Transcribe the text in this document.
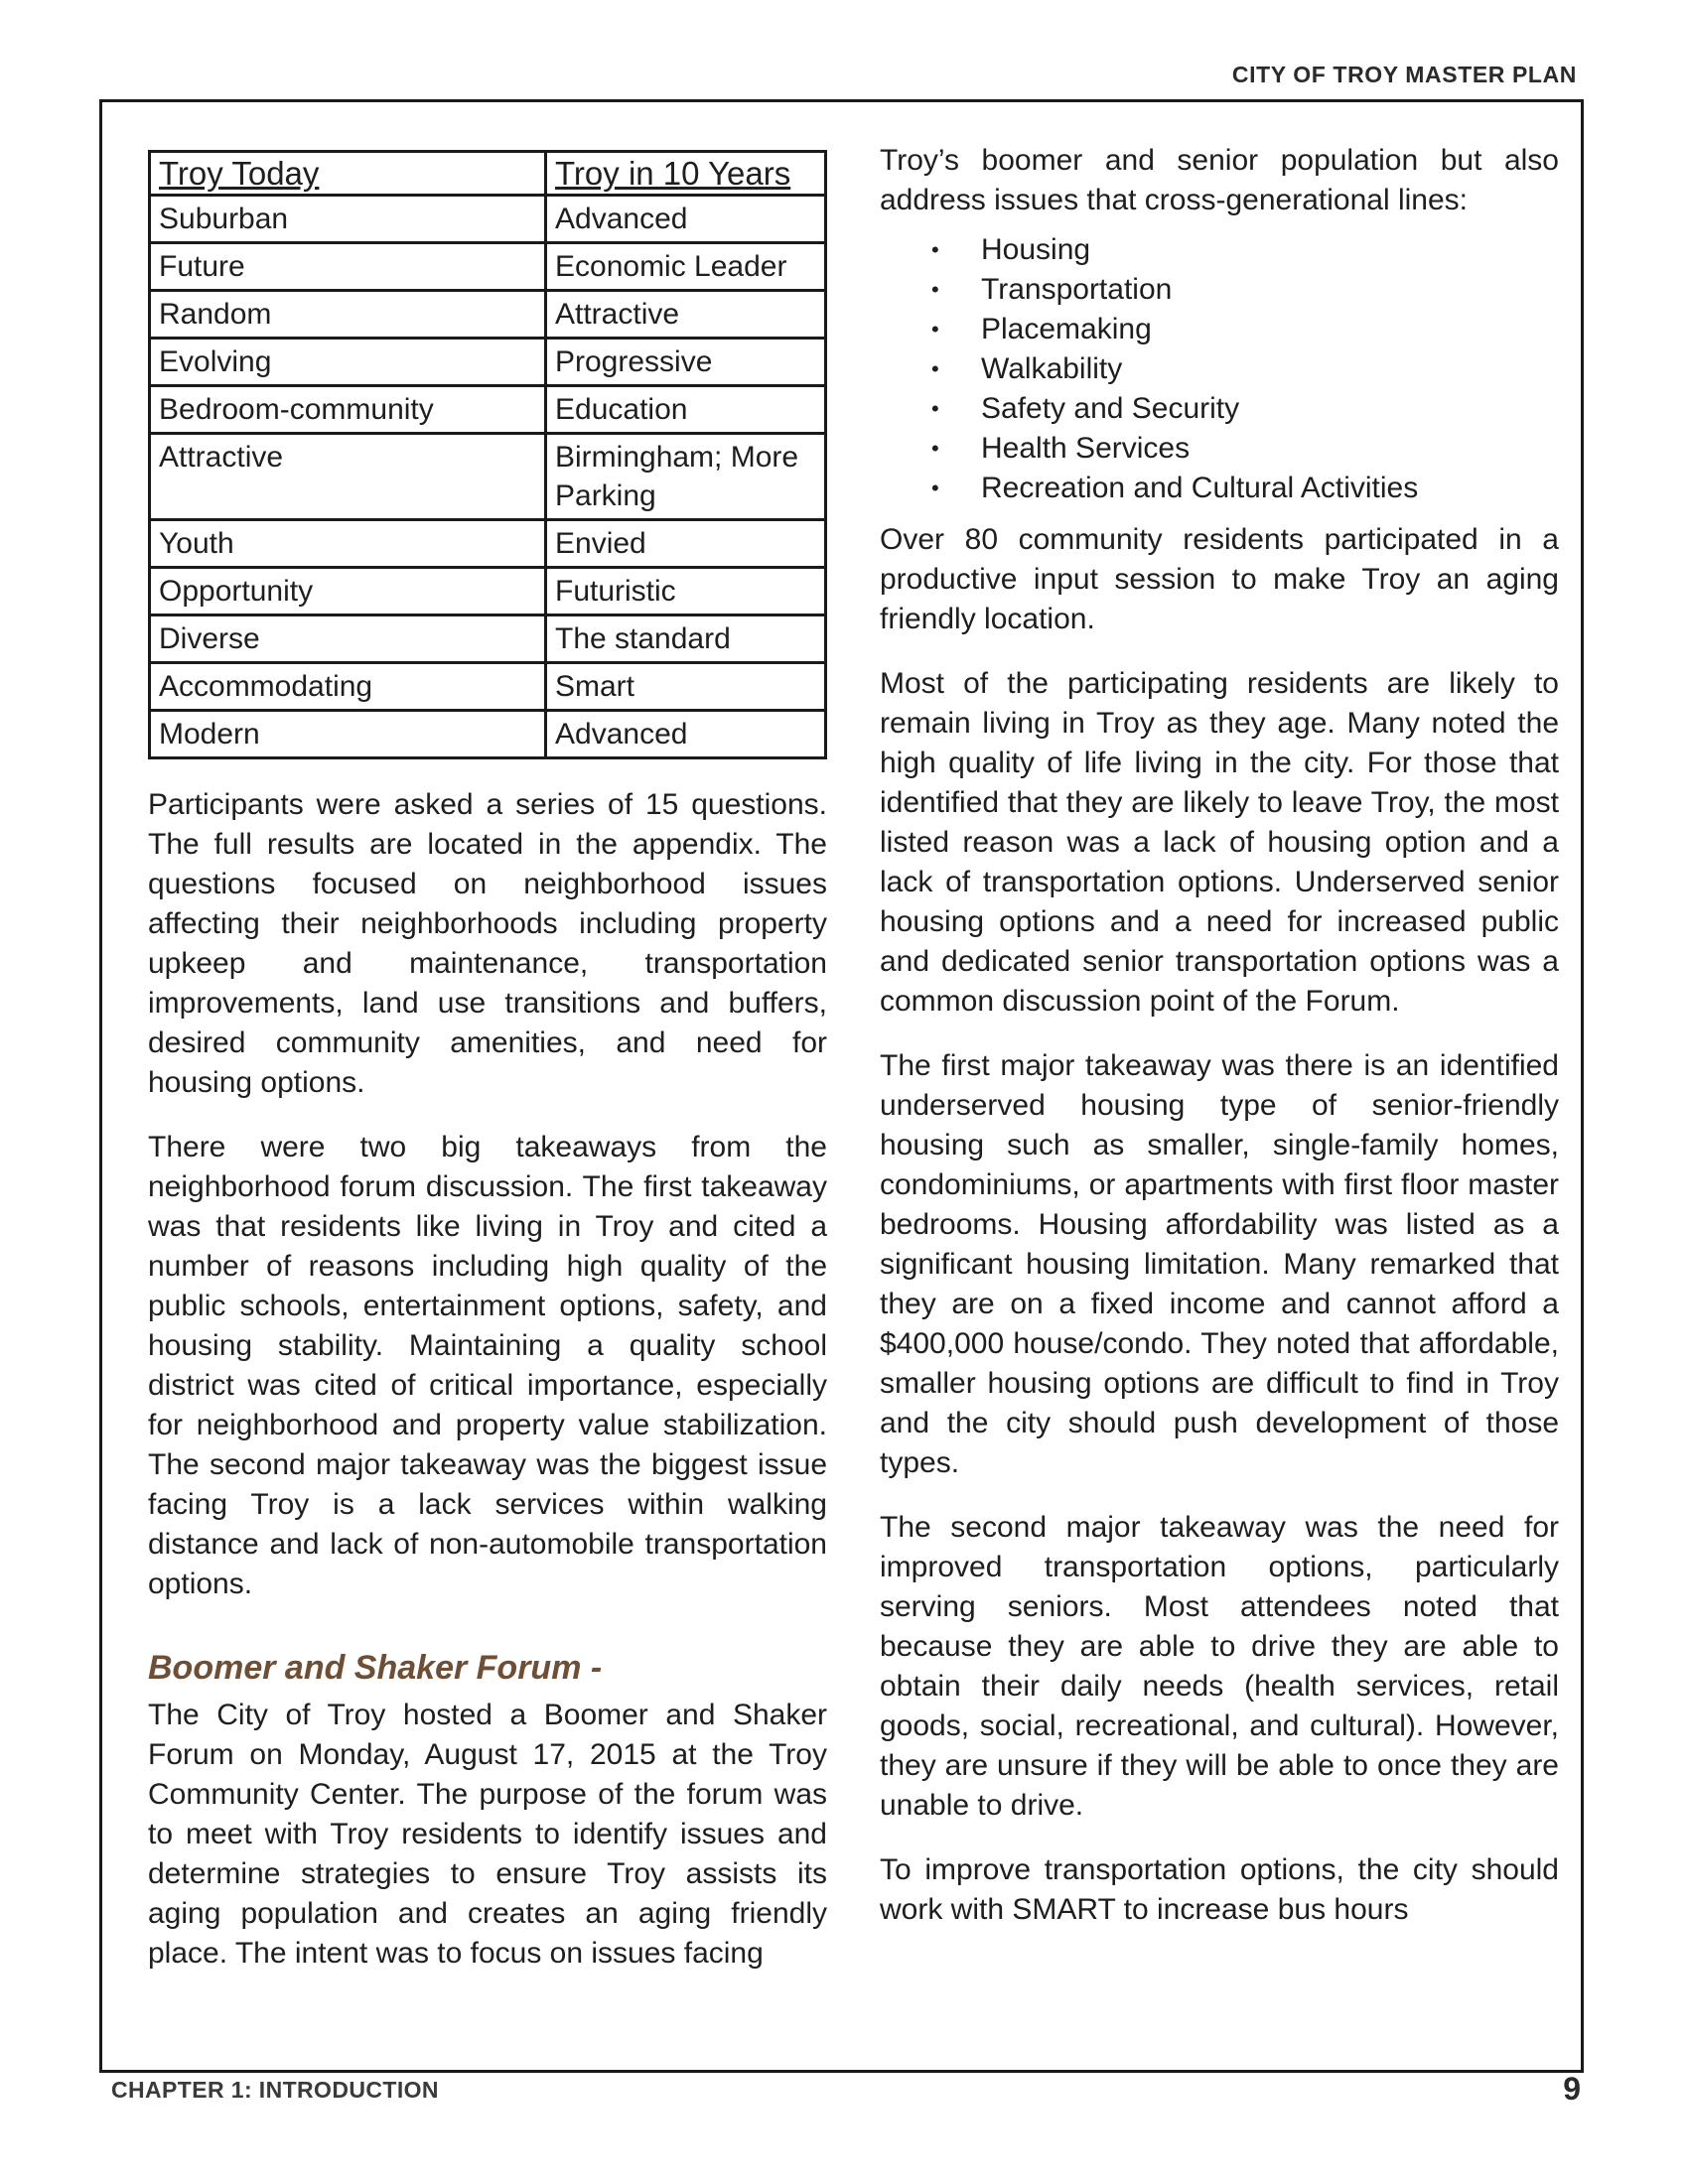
CITY OF TROY MASTER PLAN
Troy Today	Troy in 10 Years
Suburban	Advanced
Future	Economic Leader
Random	Attractive
Evolving	Progressive
Bedroom-community	Education
Attractive	Birmingham; More Parking
Youth	Envied
Opportunity	Futuristic
Diverse	The standard
Accommodating	Smart
Modern	Advanced

Participants were asked a series of 15 questions. The full results are located in the appendix. The questions focused on neighborhood issues affecting their neighborhoods including property upkeep and maintenance, transportation improvements, land use transitions and buffers, desired community amenities, and need for housing options.

There were two big takeaways from the neighborhood forum discussion. The first takeaway was that residents like living in Troy and cited a number of reasons including high quality of the public schools, entertainment options, safety, and housing stability. Maintaining a quality school district was cited of critical importance, especially for neighborhood and property value stabilization. The second major takeaway was the biggest issue facing Troy is a lack services within walking distance and lack of non-automobile transportation options.

Boomer and Shaker Forum -

The City of Troy hosted a Boomer and Shaker Forum on Monday, August 17, 2015 at the Troy Community Center. The purpose of the forum was to meet with Troy residents to identify issues and determine strategies to ensure Troy assists its aging population and creates an aging friendly place. The intent was to focus on issues facing

Troy’s boomer and senior population but also address issues that cross-generational lines:

• Housing
• Transportation
• Placemaking
• Walkability
• Safety and Security
• Health Services
• Recreation and Cultural Activities

Over 80 community residents participated in a productive input session to make Troy an aging friendly location.

Most of the participating residents are likely to remain living in Troy as they age. Many noted the high quality of life living in the city. For those that identified that they are likely to leave Troy, the most listed reason was a lack of housing option and a lack of transportation options. Underserved senior housing options and a need for increased public and dedicated senior transportation options was a common discussion point of the Forum.

The first major takeaway was there is an identified underserved housing type of senior-friendly housing such as smaller, single-family homes, condominiums, or apartments with first floor master bedrooms. Housing affordability was listed as a significant housing limitation. Many remarked that they are on a fixed income and cannot afford a $400,000 house/condo. They noted that affordable, smaller housing options are difficult to find in Troy and the city should push development of those types.

The second major takeaway was the need for improved transportation options, particularly serving seniors. Most attendees noted that because they are able to drive they are able to obtain their daily needs (health services, retail goods, social, recreational, and cultural). However, they are unsure if they will be able to once they are unable to drive.

To improve transportation options, the city should work with SMART to increase bus hours

CHAPTER 1: INTRODUCTION	9
